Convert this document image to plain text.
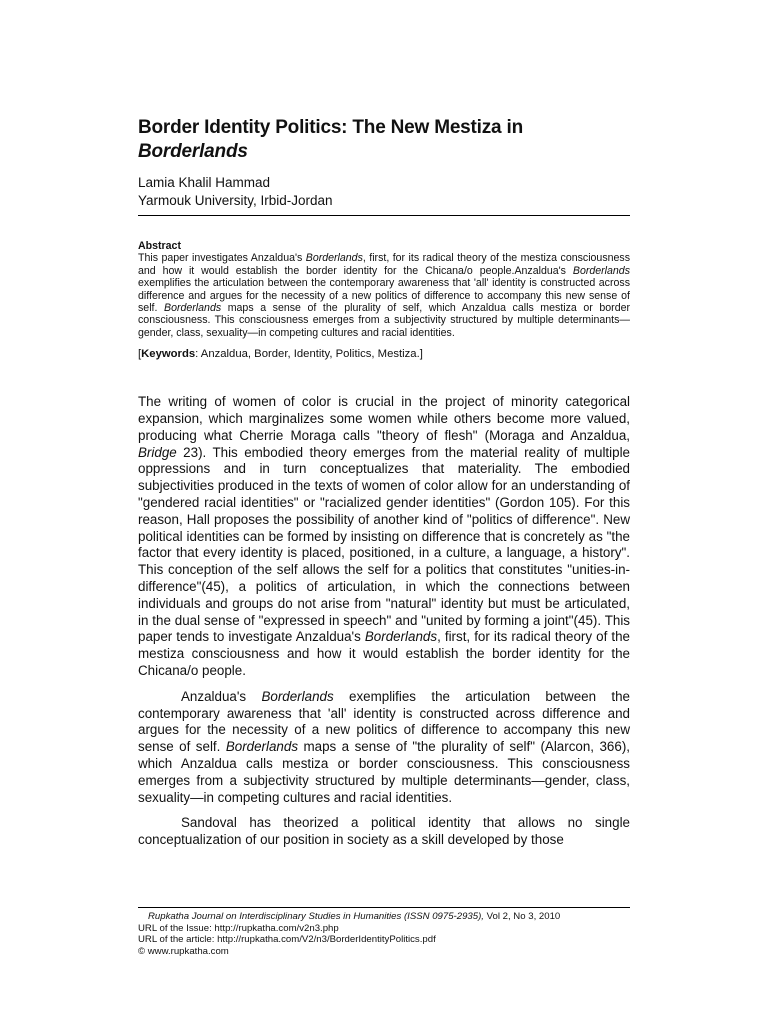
Border Identity Politics: The New Mestiza in
Borderlands
Lamia Khalil Hammad
Yarmouk University, Irbid-Jordan
Abstract
This paper investigates Anzaldua's Borderlands, first, for its radical theory of the mestiza consciousness and how it would establish the border identity for the Chicana/o people.Anzaldua's Borderlands exemplifies the articulation between the contemporary awareness that 'all' identity is constructed across difference and argues for the necessity of a new politics of difference to accompany this new sense of self. Borderlands maps a sense of the plurality of self, which Anzaldua calls mestiza or border consciousness. This consciousness emerges from a subjectivity structured by multiple determinants—gender, class, sexuality—in competing cultures and racial identities.
[Keywords: Anzaldua, Border, Identity, Politics, Mestiza.]

The writing of women of color is crucial in the project of minority categorical expansion, which marginalizes some women while others become more valued, producing what Cherrie Moraga calls "theory of flesh" (Moraga and Anzaldua, Bridge 23). This embodied theory emerges from the material reality of multiple oppressions and in turn conceptualizes that materiality. The embodied subjectivities produced in the texts of women of color allow for an understanding of "gendered racial identities" or "racialized gender identities" (Gordon 105). For this reason, Hall proposes the possibility of another kind of "politics of difference". New political identities can be formed by insisting on difference that is concretely as "the factor that every identity is placed, positioned, in a culture, a language, a history". This conception of the self allows the self for a politics that constitutes "unities-in-difference"(45), a politics of articulation, in which the connections between individuals and groups do not arise from "natural" identity but must be articulated, in the dual sense of "expressed in speech" and "united by forming a joint"(45). This paper tends to investigate Anzaldua's Borderlands, first, for its radical theory of the mestiza consciousness and how it would establish the border identity for the Chicana/o people.

Anzaldua's Borderlands exemplifies the articulation between the contemporary awareness that 'all' identity is constructed across difference and argues for the necessity of a new politics of difference to accompany this new sense of self. Borderlands maps a sense of "the plurality of self" (Alarcon, 366), which Anzaldua calls mestiza or border consciousness. This consciousness emerges from a subjectivity structured by multiple determinants—gender, class, sexuality—in competing cultures and racial identities.

Sandoval has theorized a political identity that allows no single conceptualization of our position in society as a skill developed by those

Rupkatha Journal on Interdisciplinary Studies in Humanities (ISSN 0975-2935), Vol 2, No 3, 2010
URL of the Issue: http://rupkatha.com/v2n3.php
URL of the article: http://rupkatha.com/V2/n3/BorderIdentityPolitics.pdf
© www.rupkatha.com
